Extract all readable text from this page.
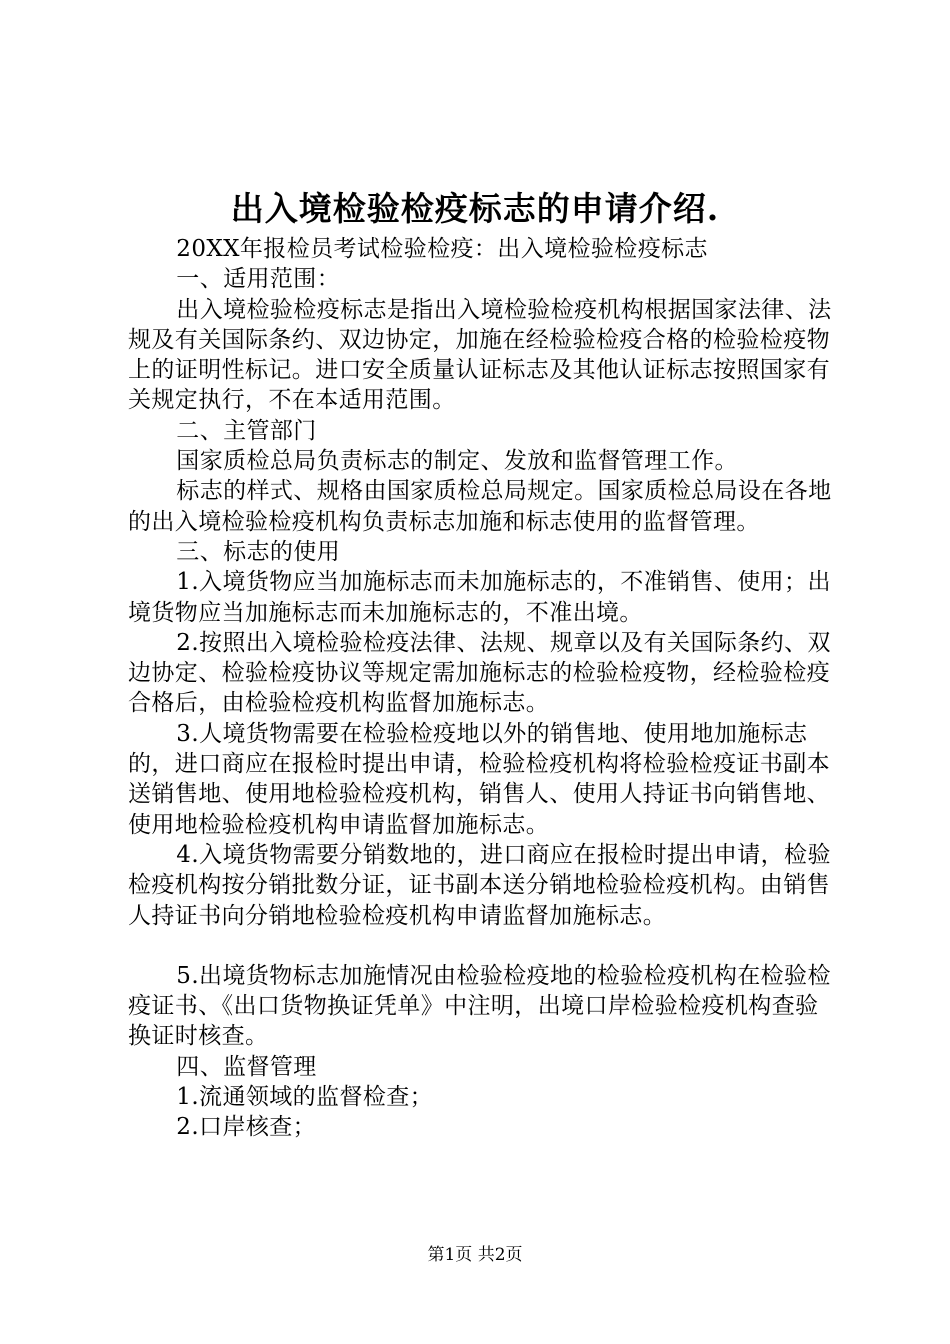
出入境检验检疫标志的申请介绍.

20XX年报检员考试检验检疫：出入境检验检疫标志

一、适用范围：

出入境检验检疫标志是指出入境检验检疫机构根据国家法律、法规及有关国际条约、双边协定，加施在经检验检疫合格的检验检疫物上的证明性标记。进口安全质量认证标志及其他认证标志按照国家有关规定执行，不在本适用范围。

二、主管部门

国家质检总局负责标志的制定、发放和监督管理工作。

标志的样式、规格由国家质检总局规定。国家质检总局设在各地的出入境检验检疫机构负责标志加施和标志使用的监督管理。

三、标志的使用

1.入境货物应当加施标志而未加施标志的，不准销售、使用；出境货物应当加施标志而未加施标志的，不准出境。

2.按照出入境检验检疫法律、法规、规章以及有关国际条约、双边协定、检验检疫协议等规定需加施标志的检验检疫物，经检验检疫合格后，由检验检疫机构监督加施标志。

3.人境货物需要在检验检疫地以外的销售地、使用地加施标志的，进口商应在报检时提出申请，检验检疫机构将检验检疫证书副本送销售地、使用地检验检疫机构，销售人、使用人持证书向销售地、使用地检验检疫机构申请监督加施标志。

4.入境货物需要分销数地的，进口商应在报检时提出申请，检验检疫机构按分销批数分证，证书副本送分销地检验检疫机构。由销售人持证书向分销地检验检疫机构申请监督加施标志。

5.出境货物标志加施情况由检验检疫地的检验检疫机构在检验检疫证书、《出口货物换证凭单》中注明，出境口岸检验检疫机构查验换证时核查。

四、监督管理

1.流通领域的监督检查；

2.口岸核查；

第1页 共2页
